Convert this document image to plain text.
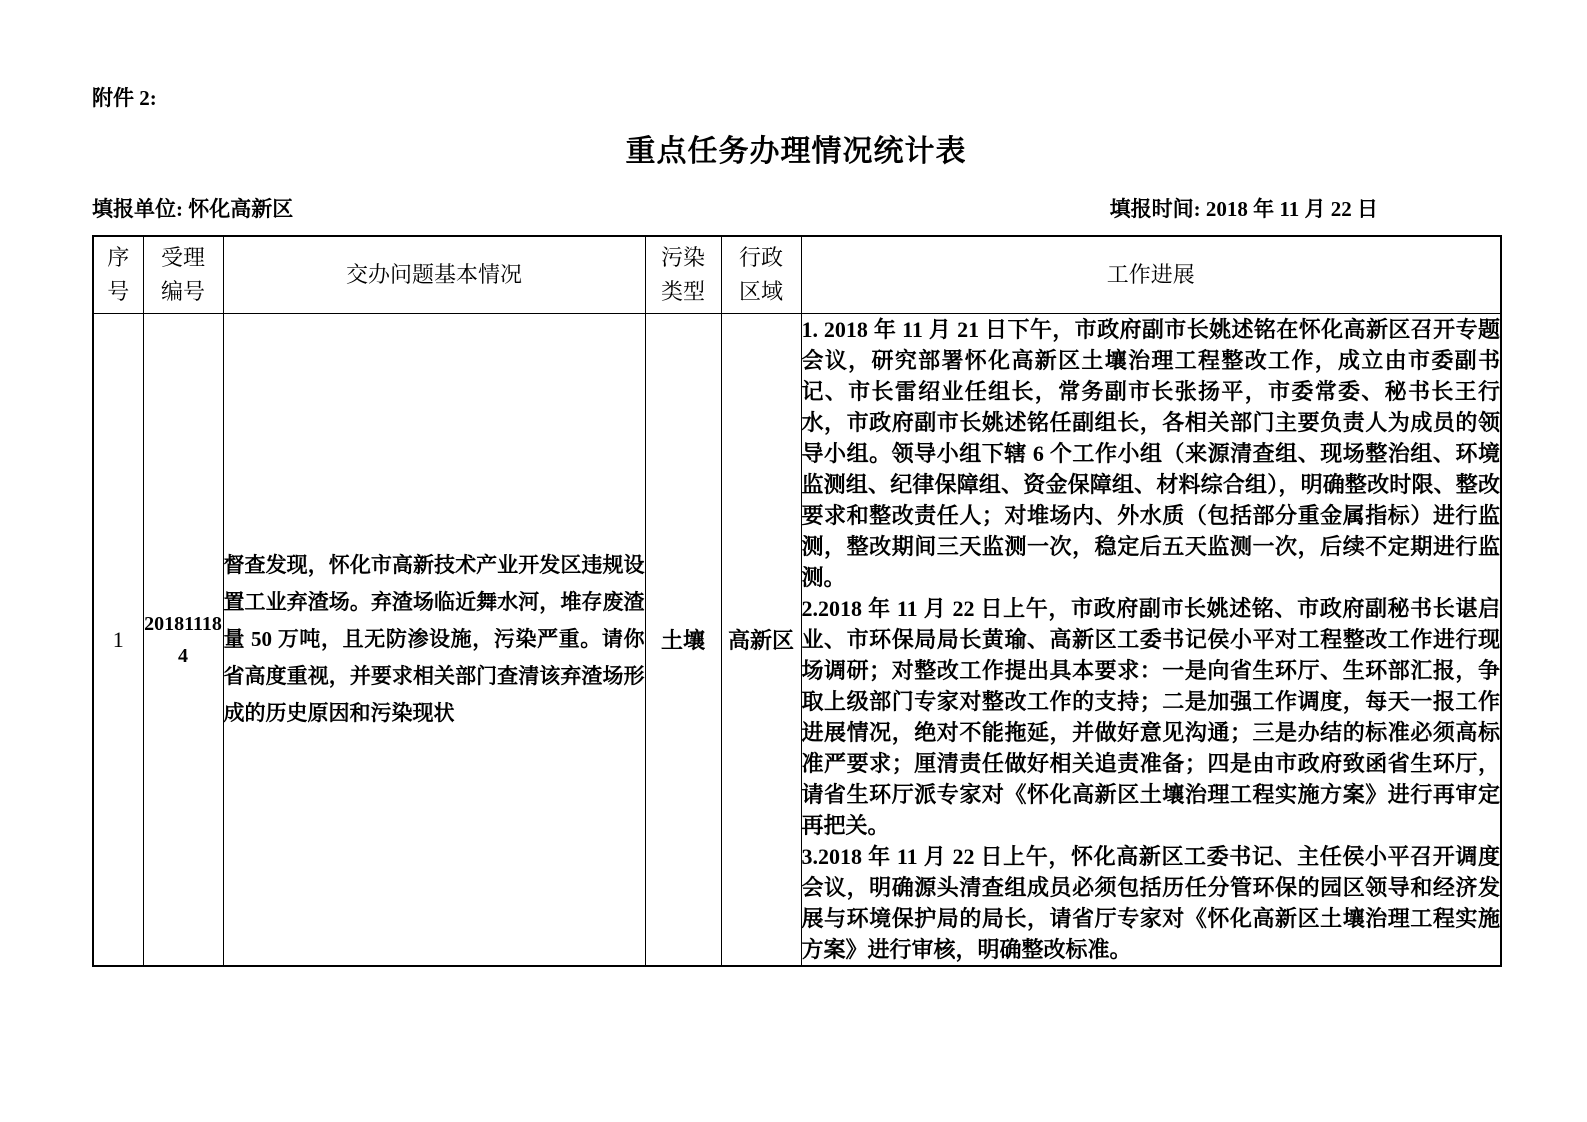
附件 2:
重点任务办理情况统计表
填报单位: 怀化高新区	填报时间: 2018 年 11 月 22 日
序号	受理编号	交办问题基本情况	污染类型	行政区域	工作进展
1	201811184	督查发现，怀化市高新技术产业开发区违规设置工业弃渣场。弃渣场临近舞水河，堆存废渣量 50 万吨，且无防渗设施，污染严重。请你省高度重视，并要求相关部门查清该弃渣场形成的历史原因和污染现状	土壤	高新区	1. 2018 年 11 月 21 日下午，市政府副市长姚述铭在怀化高新区召开专题会议，研究部署怀化高新区土壤治理工程整改工作，成立由市委副书记、市长雷绍业任组长，常务副市长张扬平，市委常委、秘书长王行水，市政府副市长姚述铭任副组长，各相关部门主要负责人为成员的领导小组。领导小组下辖 6 个工作小组（来源清查组、现场整治组、环境监测组、纪律保障组、资金保障组、材料综合组），明确整改时限、整改要求和整改责任人；对堆场内、外水质（包括部分重金属指标）进行监测，整改期间三天监测一次，稳定后五天监测一次，后续不定期进行监测。

2.2018 年 11 月 22 日上午，市政府副市长姚述铭、市政府副秘书长谌启业、市环保局局长黄瑜、高新区工委书记侯小平对工程整改工作进行现场调研；对整改工作提出具本要求：一是向省生环厅、生环部汇报，争取上级部门专家对整改工作的支持；二是加强工作调度，每天一报工作进展情况，绝对不能拖延，并做好意见沟通；三是办结的标准必须高标准严要求；厘清责任做好相关追责准备；四是由市政府致函省生环厅，请省生环厅派专家对《怀化高新区土壤治理工程实施方案》进行再审定再把关。

3.2018 年 11 月 22 日上午，怀化高新区工委书记、主任侯小平召开调度会议，明确源头清查组成员必须包括历任分管环保的园区领导和经济发展与环境保护局的局长，请省厅专家对《怀化高新区土壤治理工程实施方案》进行审核，明确整改标准。
